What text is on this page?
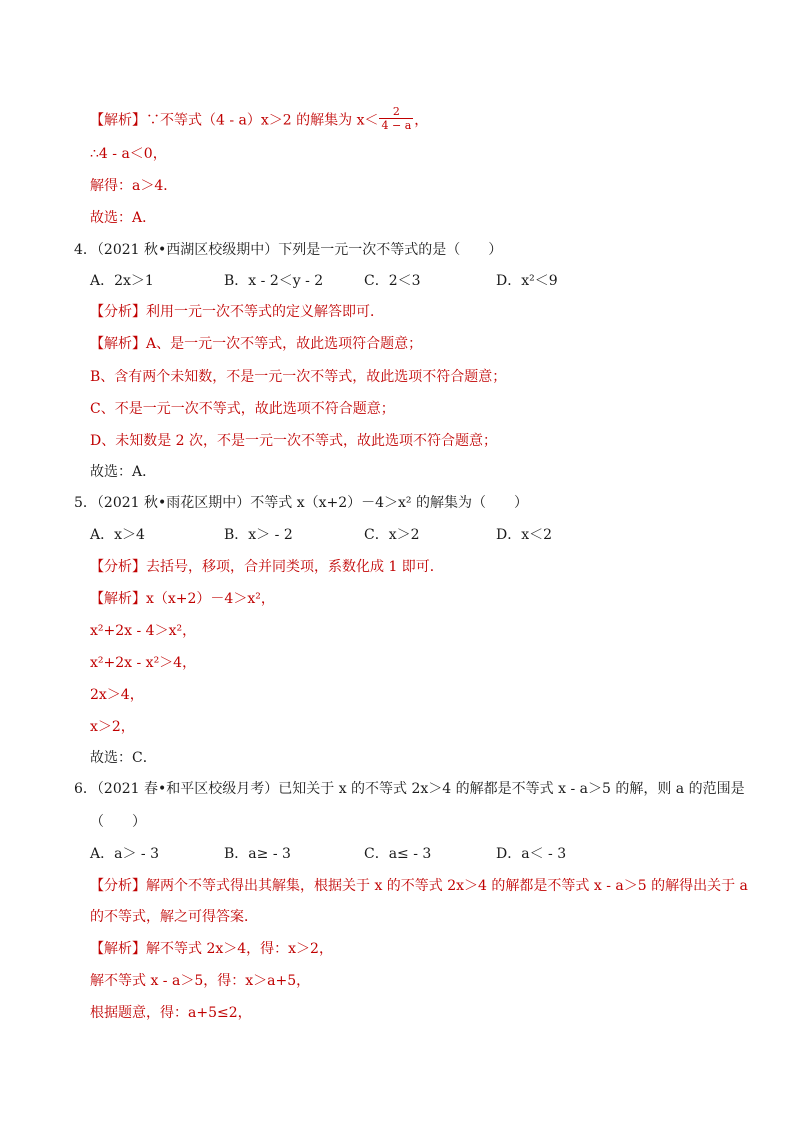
【解析】∵不等式（4 - a）x＞2 的解集为 $x< \frac{2}{4 - a}$ ，
∴4 - a＜0，
解得：a＞4．
故选：A．
4．（2021 秋•西湖区校级期中）下列是一元一次不等式的是（　　）
A．2x＞1	B．x - 2＜y - 2	C．2＜3	D．x²＜9
【分析】利用一元一次不等式的定义解答即可．
【解析】A、是一元一次不等式，故此选项符合题意；
B、含有两个未知数，不是一元一次不等式，故此选项不符合题意；
C、不是一元一次不等式，故此选项不符合题意；
D、未知数是 2 次，不是一元一次不等式，故此选项不符合题意；
故选：A．
5．（2021 秋•雨花区期中）不等式 x（x+2）－4＞x² 的解集为（　　）
A．x＞4	B．x＞ - 2	C．x＞2	D．x＜2
【分析】去括号，移项，合并同类项，系数化成 1 即可．
【解析】x（x+2）－4＞x²，
x²+2x - 4＞x²，
x²+2x - x²＞4，
2x＞4，
x＞2，
故选：C．
6．（2021 春•和平区校级月考）已知关于 x 的不等式 2x＞4 的解都是不等式 x - a＞5 的解，则 a 的范围是
（　　）
A．a＞ - 3	B．a≥ - 3	C．a≤ - 3	D．a＜ - 3
【分析】解两个不等式得出其解集，根据关于 x 的不等式 2x＞4 的解都是不等式 x - a＞5 的解得出关于 a
的不等式，解之可得答案．
【解析】解不等式 2x＞4，得：x＞2，
解不等式 x - a＞5，得：x＞a+5，
根据题意，得：a+5≤2，
